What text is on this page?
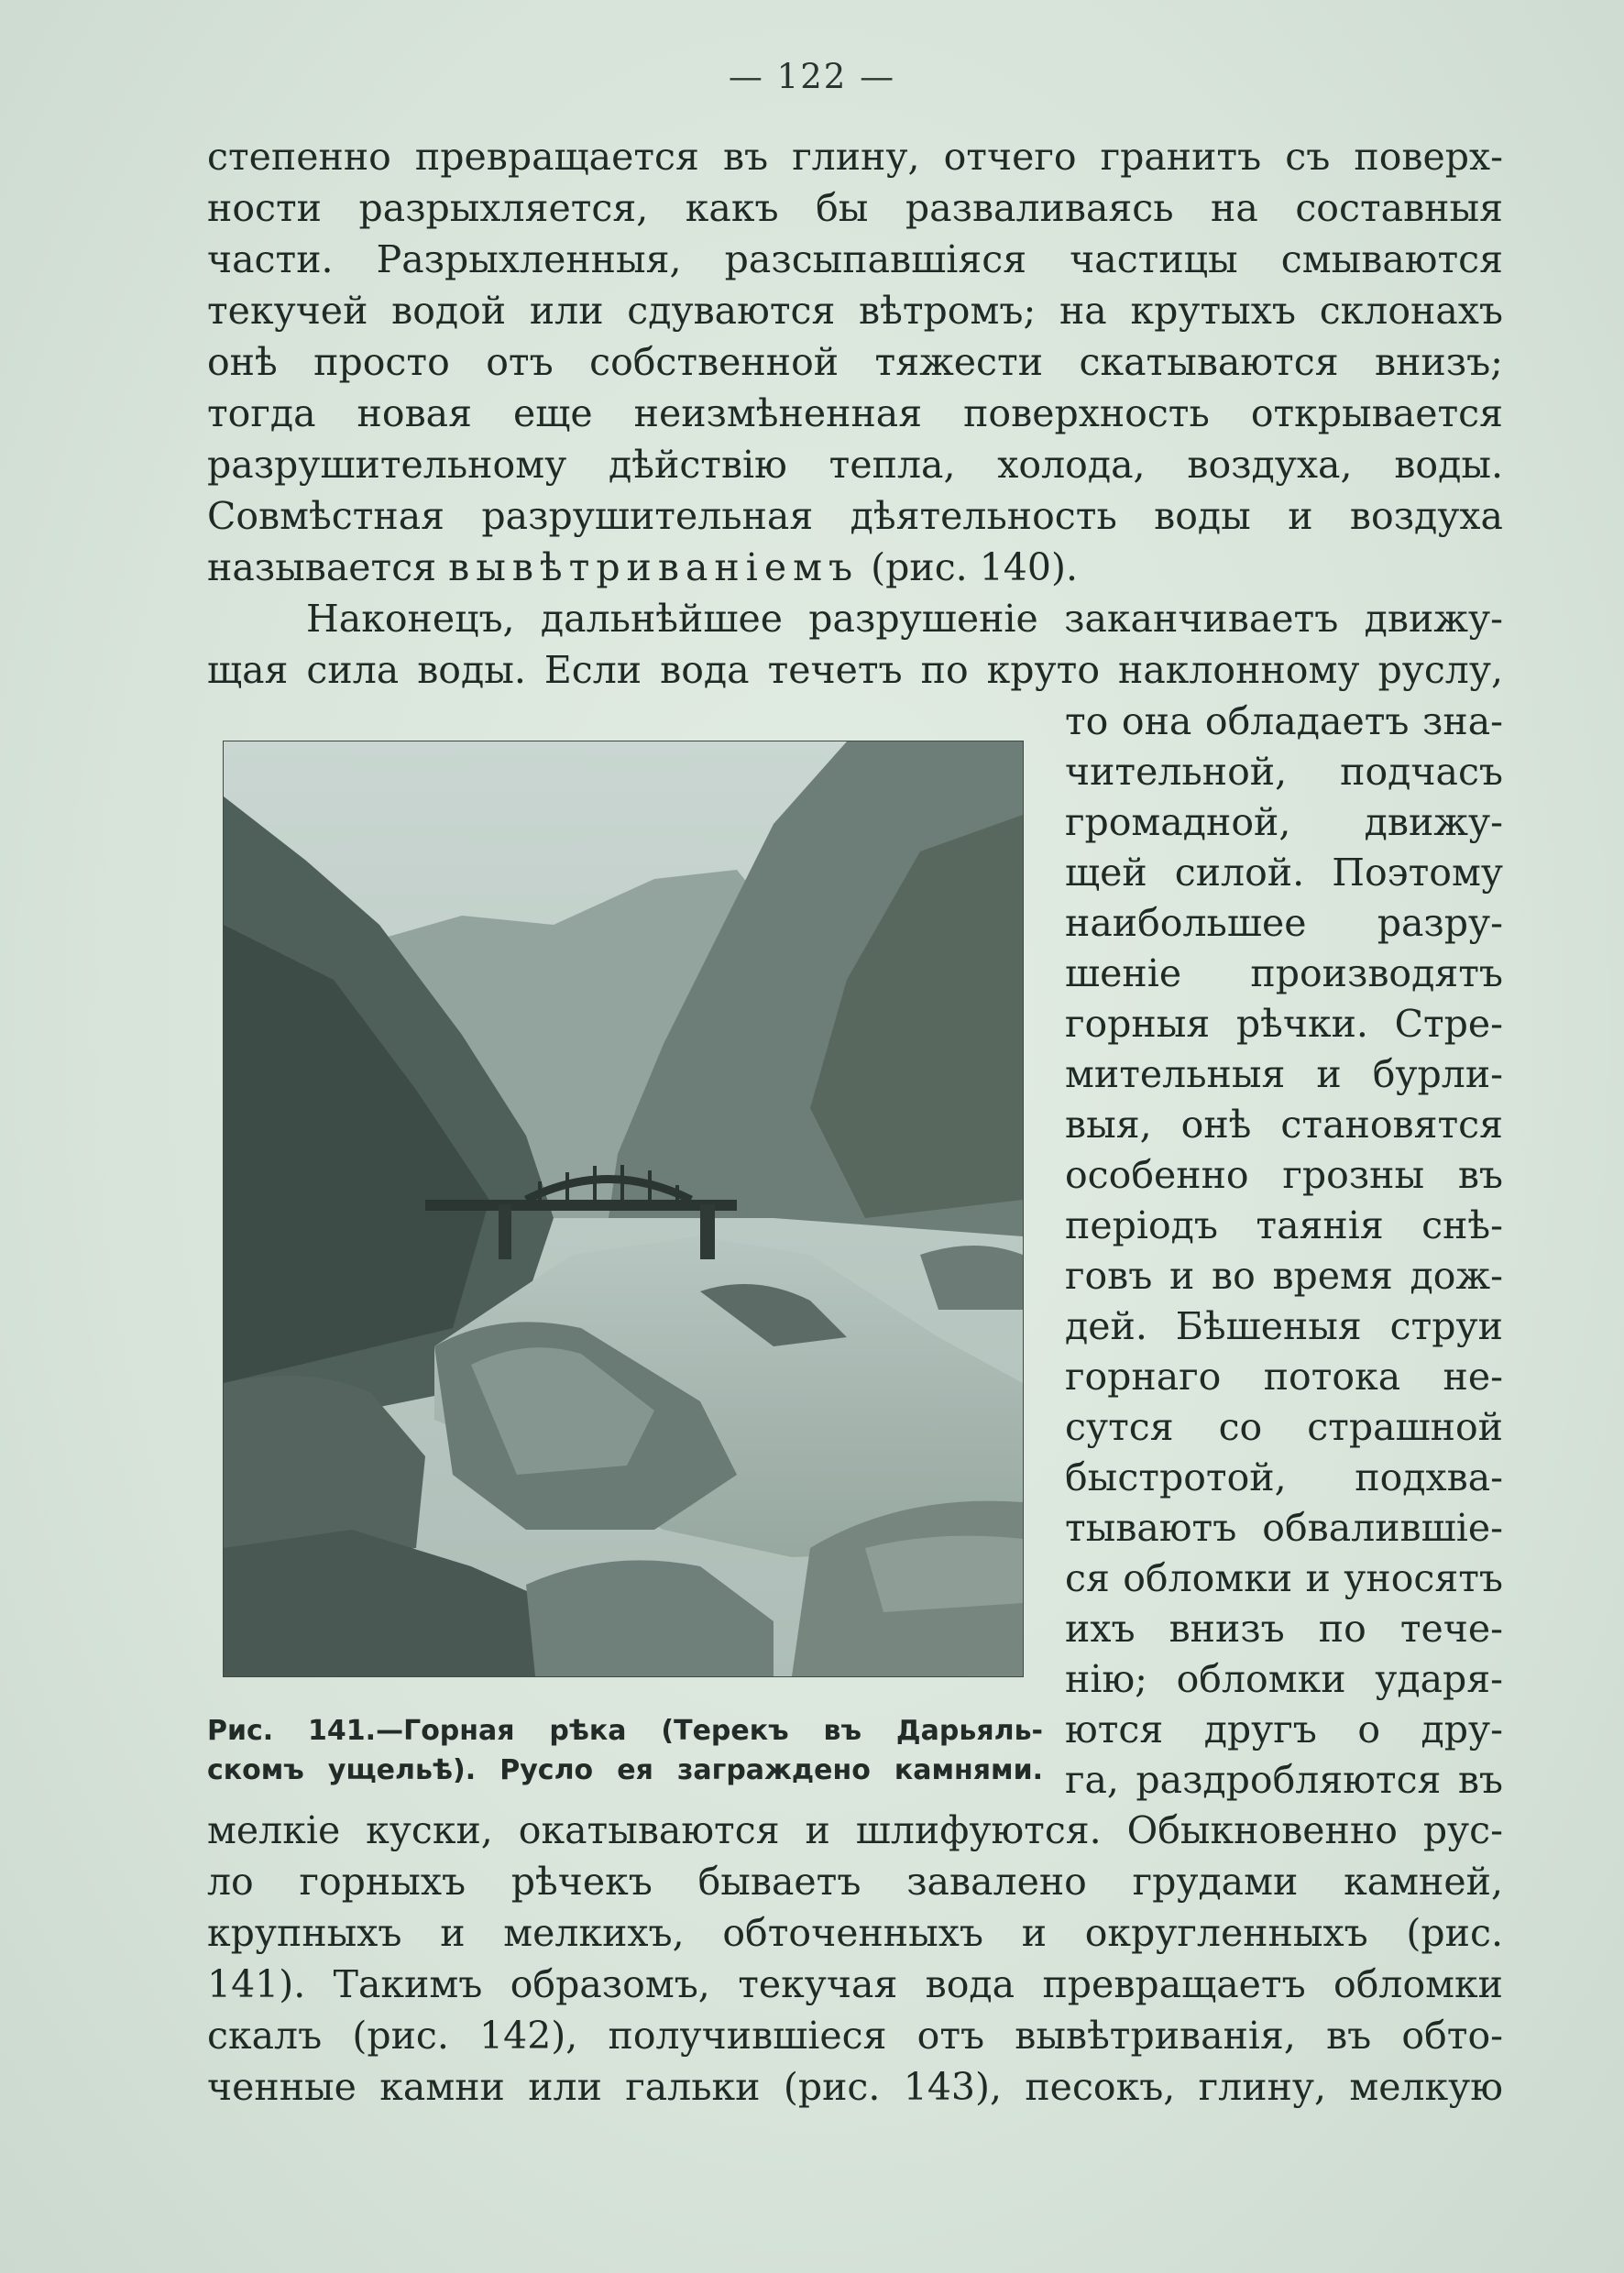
— 122 —
степенно превращается въ глину, отчего гранитъ съ поверх-
ности разрыхляется, какъ бы разваливаясь на составныя
части. Разрыхленныя, разсыпавшіяся частицы смываются
текучей водой или сдуваются вѣтромъ; на крутыхъ склонахъ
онѣ просто отъ собственной тяжести скатываются внизъ;
тогда новая еще неизмѣненная поверхность открывается
разрушительному дѣйствію тепла, холода, воздуха, воды.
Совмѣстная разрушительная дѣятельность воды и воздуха
называется вывѣтриваніемъ (рис. 140).
Наконецъ, дальнѣйшее разрушеніе заканчиваетъ движу-
щая сила воды. Если вода течетъ по круто наклонному руслу,
то она обладаетъ зна-
чительной, подчасъ
громадной, движу-
щей силой. Поэтому
наибольшее разру-
шеніе производятъ
горныя рѣчки. Стре-
мительныя и бурли-
выя, онѣ становятся
особенно грозны въ
періодъ таянія снѣ-
говъ и во время дож-
дей. Бѣшеныя струи
горнаго потока не-
сутся со страшной
быстротой, подхва-
тываютъ обвалившіе-
ся обломки и уносятъ
ихъ внизъ по тече-
нію; обломки ударя-
ются другъ о дру-
га, раздробляются въ
Рис. 141.—Горная рѣка (Терекъ въ Дарьяль-
скомъ ущельѣ). Русло ея заграждено камнями.
мелкіе куски, окатываются и шлифуются. Обыкновенно рус-
ло горныхъ рѣчекъ бываетъ завалено грудами камней,
крупныхъ и мелкихъ, обточенныхъ и округленныхъ (рис.
141). Такимъ образомъ, текучая вода превращаетъ обломки
скалъ (рис. 142), получившіеся отъ вывѣтриванія, въ обто-
ченные камни или гальки (рис. 143), песокъ, глину, мелкую
